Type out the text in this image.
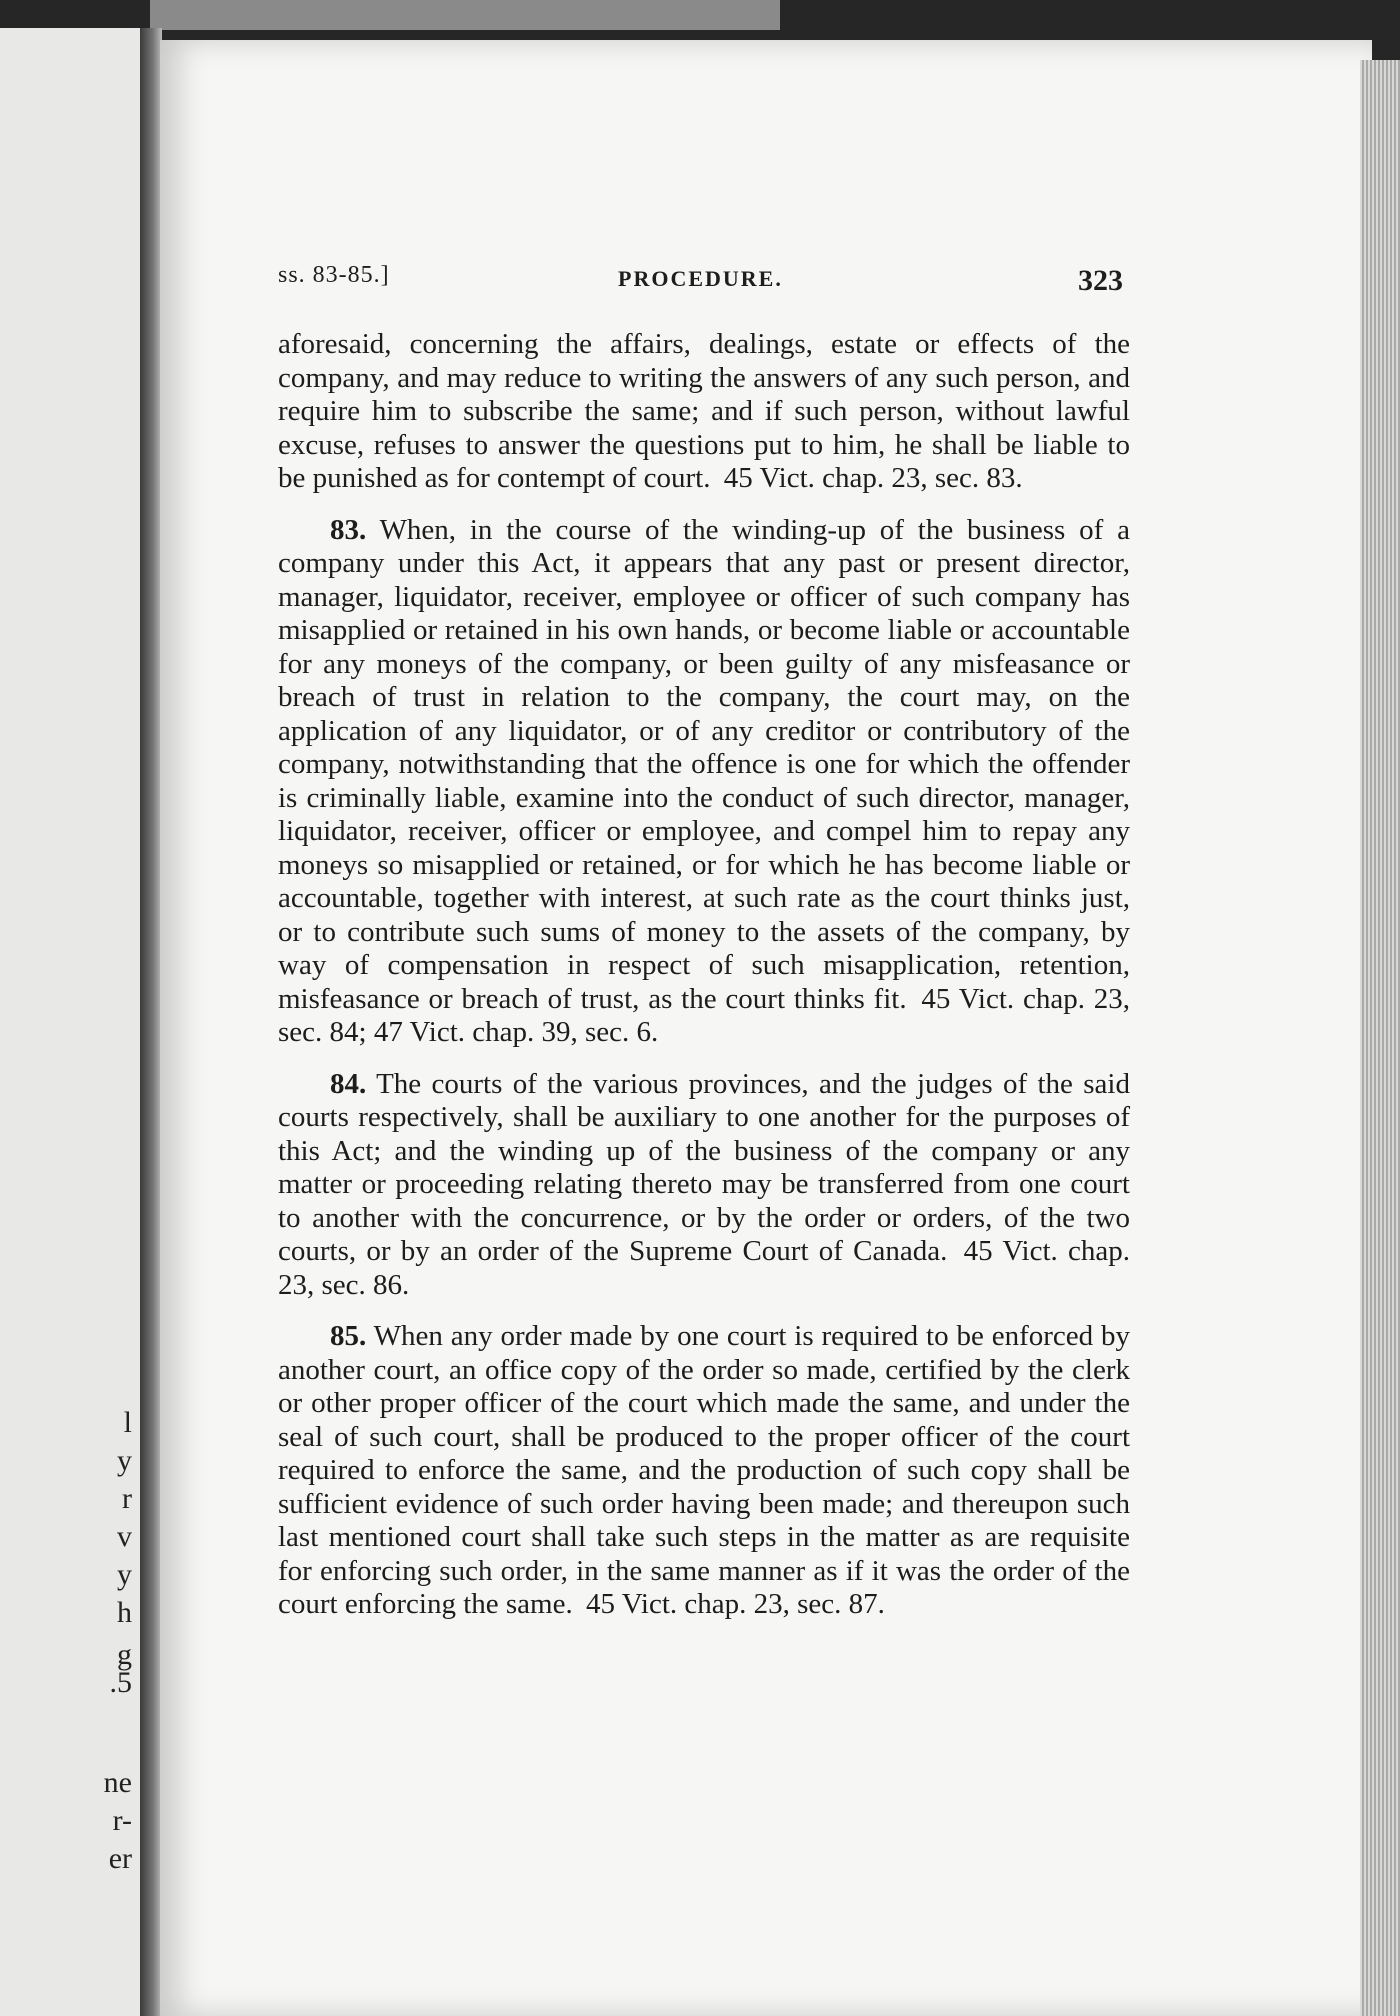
l
y
r
v
y
h
g
.5
ne
r-
er
ss. 83-85.]	PROCEDURE.	323

aforesaid, concerning the affairs, dealings, estate or effects of the company, and may reduce to writing the answers of any such person, and require him to subscribe the same; and if such person, without lawful excuse, refuses to answer the questions put to him, he shall be liable to be punished as for contempt of court. 45 Vict. chap. 23, sec. 83.

83. When, in the course of the winding-up of the business of a company under this Act, it appears that any past or present director, manager, liquidator, receiver, employee or officer of such company has misapplied or retained in his own hands, or become liable or accountable for any moneys of the company, or been guilty of any misfeasance or breach of trust in relation to the company, the court may, on the application of any liquidator, or of any creditor or contributory of the company, notwithstanding that the offence is one for which the offender is criminally liable, examine into the conduct of such director, manager, liquidator, receiver, officer or employee, and compel him to repay any moneys so misapplied or retained, or for which he has become liable or accountable, together with interest, at such rate as the court thinks just, or to contribute such sums of money to the assets of the company, by way of compensation in respect of such misapplication, retention, misfeasance or breach of trust, as the court thinks fit. 45 Vict. chap. 23, sec. 84; 47 Vict. chap. 39, sec. 6.

84. The courts of the various provinces, and the judges of the said courts respectively, shall be auxiliary to one another for the purposes of this Act; and the winding up of the business of the company or any matter or proceeding relating thereto may be transferred from one court to another with the concurrence, or by the order or orders, of the two courts, or by an order of the Supreme Court of Canada. 45 Vict. chap. 23, sec. 86.

85. When any order made by one court is required to be enforced by another court, an office copy of the order so made, certified by the clerk or other proper officer of the court which made the same, and under the seal of such court, shall be produced to the proper officer of the court required to enforce the same, and the production of such copy shall be sufficient evidence of such order having been made; and thereupon such last mentioned court shall take such steps in the matter as are requisite for enforcing such order, in the same manner as if it was the order of the court enforcing the same. 45 Vict. chap. 23, sec. 87.
